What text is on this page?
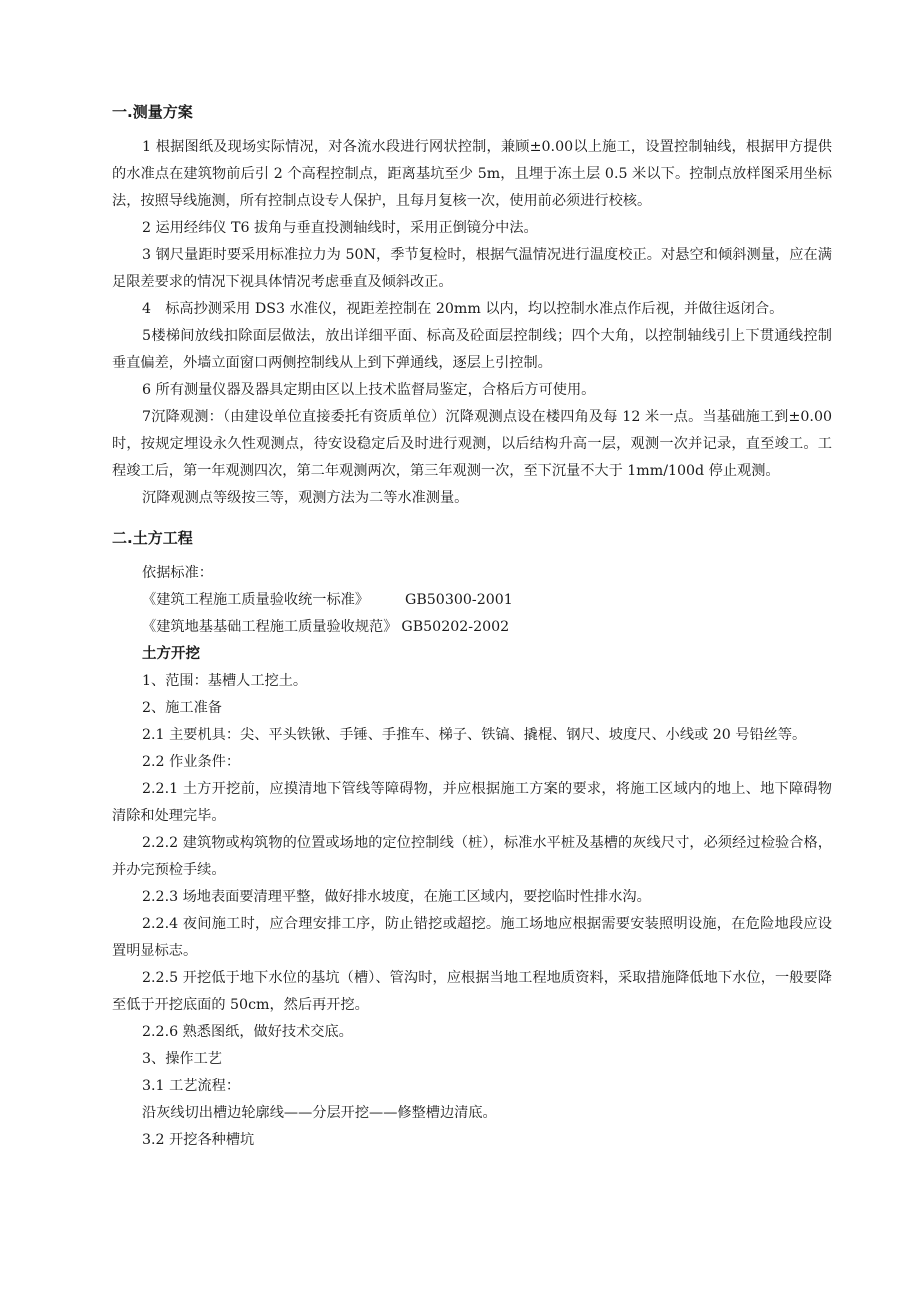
一.测量方案

1 根据图纸及现场实际情况，对各流水段进行网状控制，兼顾±0.00以上施工，设置控制轴线，根据甲方提供的水准点在建筑物前后引 2 个高程控制点，距离基坑至少 5m，且埋于冻土层 0.5 米以下。控制点放样图采用坐标法，按照导线施测，所有控制点设专人保护，且每月复核一次，使用前必须进行校核。

2 运用经纬仪 T6 拔角与垂直投测轴线时，采用正倒镜分中法。

3 钢尺量距时要采用标准拉力为 50N，季节复检时，根据气温情况进行温度校正。对悬空和倾斜测量，应在满足限差要求的情况下视具体情况考虑垂直及倾斜改正。

4　标高抄测采用 DS3 水准仪，视距差控制在 20mm 以内，均以控制水准点作后视，并做往返闭合。

5楼梯间放线扣除面层做法，放出详细平面、标高及砼面层控制线；四个大角，以控制轴线引上下贯通线控制垂直偏差，外墙立面窗口两侧控制线从上到下弹通线，逐层上引控制。

6 所有测量仪器及器具定期由区以上技术监督局鉴定，合格后方可使用。

7沉降观测：（由建设单位直接委托有资质单位）沉降观测点设在楼四角及每 12 米一点。当基础施工到±0.00 时，按规定埋设永久性观测点，待安设稳定后及时进行观测，以后结构升高一层，观测一次并记录，直至竣工。工程竣工后，第一年观测四次，第二年观测两次，第三年观测一次，至下沉量不大于 1mm/100d 停止观测。

沉降观测点等级按三等，观测方法为二等水准测量。

二.土方工程

依据标准：

《建筑工程施工质量验收统一标准》	GB50300-2001
《建筑地基基础工程施工质量验收规范》 GB50202-2002
土方开挖

1、范围：基槽人工挖土。

2、施工准备

2.1 主要机具：尖、平头铁锹、手锤、手推车、梯子、铁镐、撬棍、钢尺、坡度尺、小线或 20 号铅丝等。

2.2 作业条件：

2.2.1 土方开挖前，应摸清地下管线等障碍物，并应根据施工方案的要求，将施工区域内的地上、地下障碍物清除和处理完毕。

2.2.2 建筑物或构筑物的位置或场地的定位控制线（桩），标准水平桩及基槽的灰线尺寸，必须经过检验合格，并办完预检手续。

2.2.3 场地表面要清理平整，做好排水坡度，在施工区域内，要挖临时性排水沟。

2.2.4 夜间施工时，应合理安排工序，防止错挖或超挖。施工场地应根据需要安装照明设施，在危险地段应设置明显标志。

2.2.5 开挖低于地下水位的基坑（槽）、管沟时，应根据当地工程地质资料，采取措施降低地下水位，一般要降至低于开挖底面的 50cm，然后再开挖。

2.2.6 熟悉图纸，做好技术交底。

3、操作工艺

3.1 工艺流程：

沿灰线切出槽边轮廓线——分层开挖——修整槽边清底。

3.2 开挖各种槽坑
